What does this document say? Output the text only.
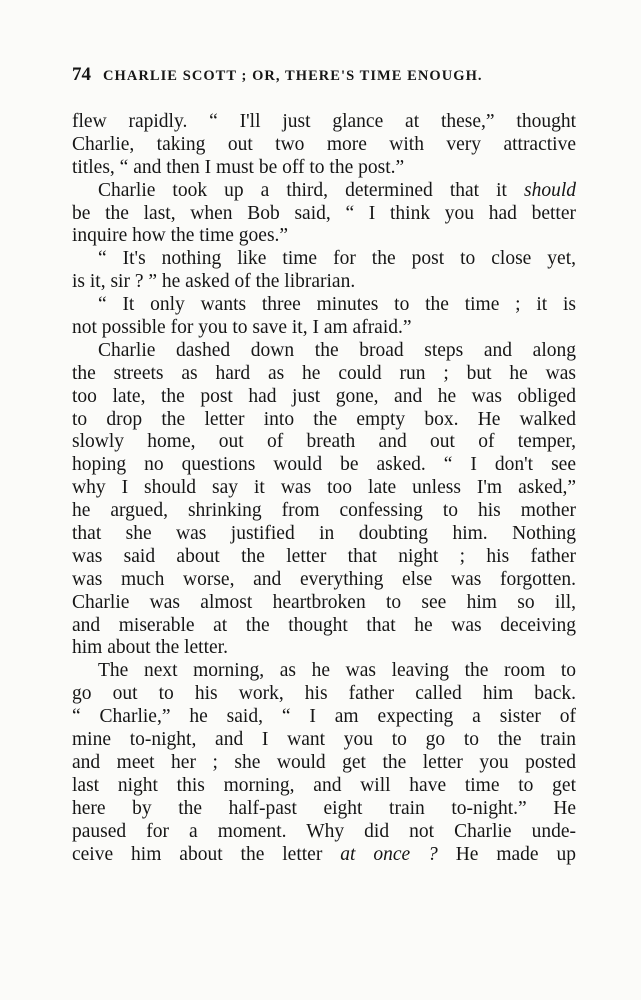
74 CHARLIE SCOTT ; OR, THERE'S TIME ENOUGH.
flew rapidly. “ I'll just glance at these,” thought
Charlie, taking out two more with very attractive
titles, “ and then I must be off to the post.”
Charlie took up a third, determined that it should
be the last, when Bob said, “ I think you had better
inquire how the time goes.”
“ It's nothing like time for the post to close yet,
is it, sir ? ” he asked of the librarian.
“ It only wants three minutes to the time ; it is
not possible for you to save it, I am afraid.”
Charlie dashed down the broad steps and along
the streets as hard as he could run ; but he was
too late, the post had just gone, and he was obliged
to drop the letter into the empty box. He walked
slowly home, out of breath and out of temper,
hoping no questions would be asked. “ I don't see
why I should say it was too late unless I'm asked,”
he argued, shrinking from confessing to his mother
that she was justified in doubting him. Nothing
was said about the letter that night ; his father
was much worse, and everything else was forgotten.
Charlie was almost heartbroken to see him so ill,
and miserable at the thought that he was deceiving
him about the letter.
The next morning, as he was leaving the room to
go out to his work, his father called him back.
“ Charlie,” he said, “ I am expecting a sister of
mine to-night, and I want you to go to the train
and meet her ; she would get the letter you posted
last night this morning, and will have time to get
here by the half-past eight train to-night.” He
paused for a moment. Why did not Charlie unde-
ceive him about the letter at once ? He made up
